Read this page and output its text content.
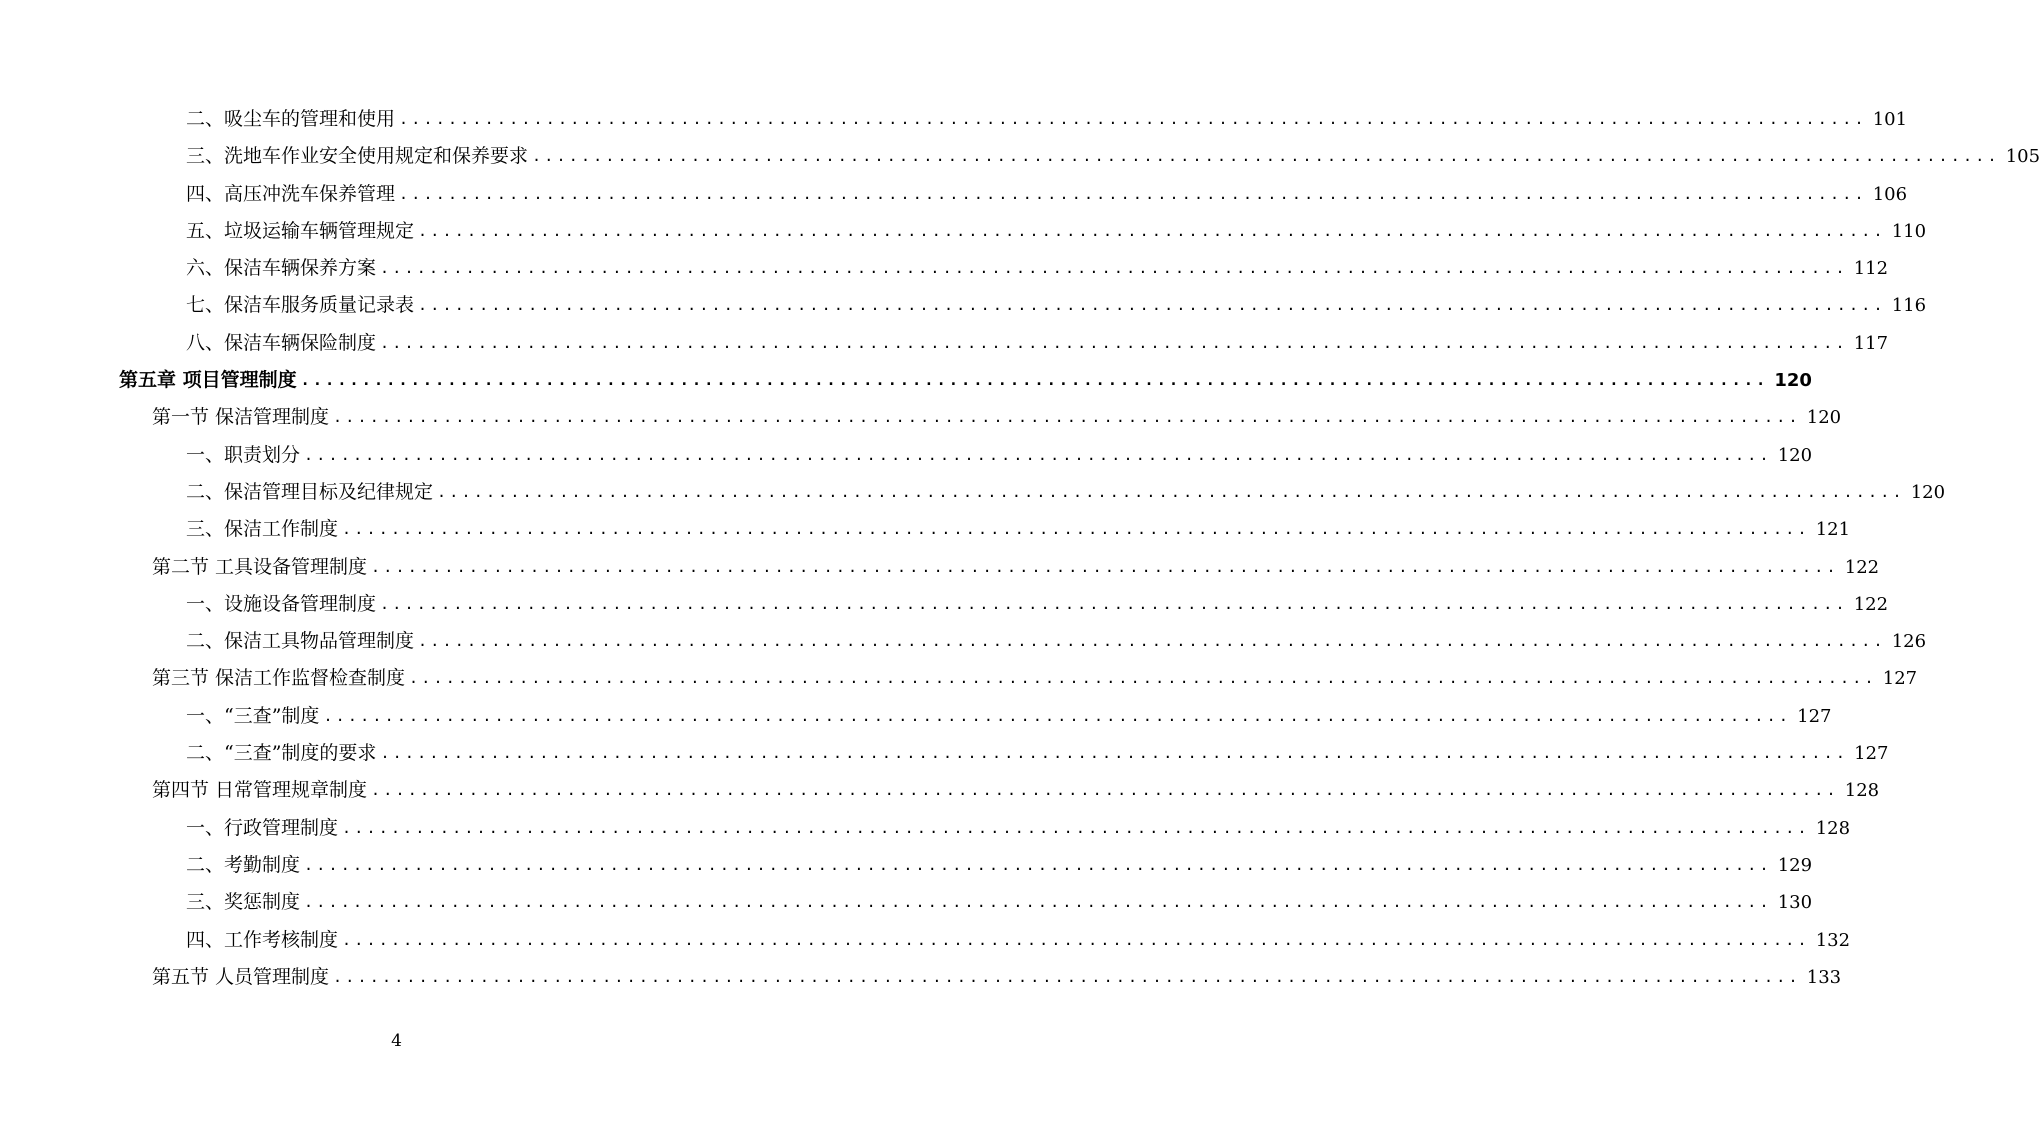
二、吸尘车的管理和使用 ........................................................................................................................ 101
三、洗地车作业安全使用规定和保养要求 ........................................................................................................................ 105
四、高压冲洗车保养管理 ........................................................................................................................ 106
五、垃圾运输车辆管理规定 ........................................................................................................................ 110
六、保洁车辆保养方案 ........................................................................................................................ 112
七、保洁车服务质量记录表 ........................................................................................................................ 116
八、保洁车辆保险制度 ........................................................................................................................ 117
第五章 项目管理制度 ........................................................................................................................ 120
第一节 保洁管理制度 ........................................................................................................................ 120
一、职责划分 ........................................................................................................................ 120
二、保洁管理目标及纪律规定 ........................................................................................................................ 120
三、保洁工作制度 ........................................................................................................................ 121
第二节 工具设备管理制度 ........................................................................................................................ 122
一、设施设备管理制度 ........................................................................................................................ 122
二、保洁工具物品管理制度 ........................................................................................................................ 126
第三节 保洁工作监督检查制度 ........................................................................................................................ 127
一、“三查”制度 ........................................................................................................................ 127
二、“三查”制度的要求 ........................................................................................................................ 127
第四节 日常管理规章制度 ........................................................................................................................ 128
一、行政管理制度 ........................................................................................................................ 128
二、考勤制度 ........................................................................................................................ 129
三、奖惩制度 ........................................................................................................................ 130
四、工作考核制度 ........................................................................................................................ 132
第五节 人员管理制度 ........................................................................................................................ 133
4
